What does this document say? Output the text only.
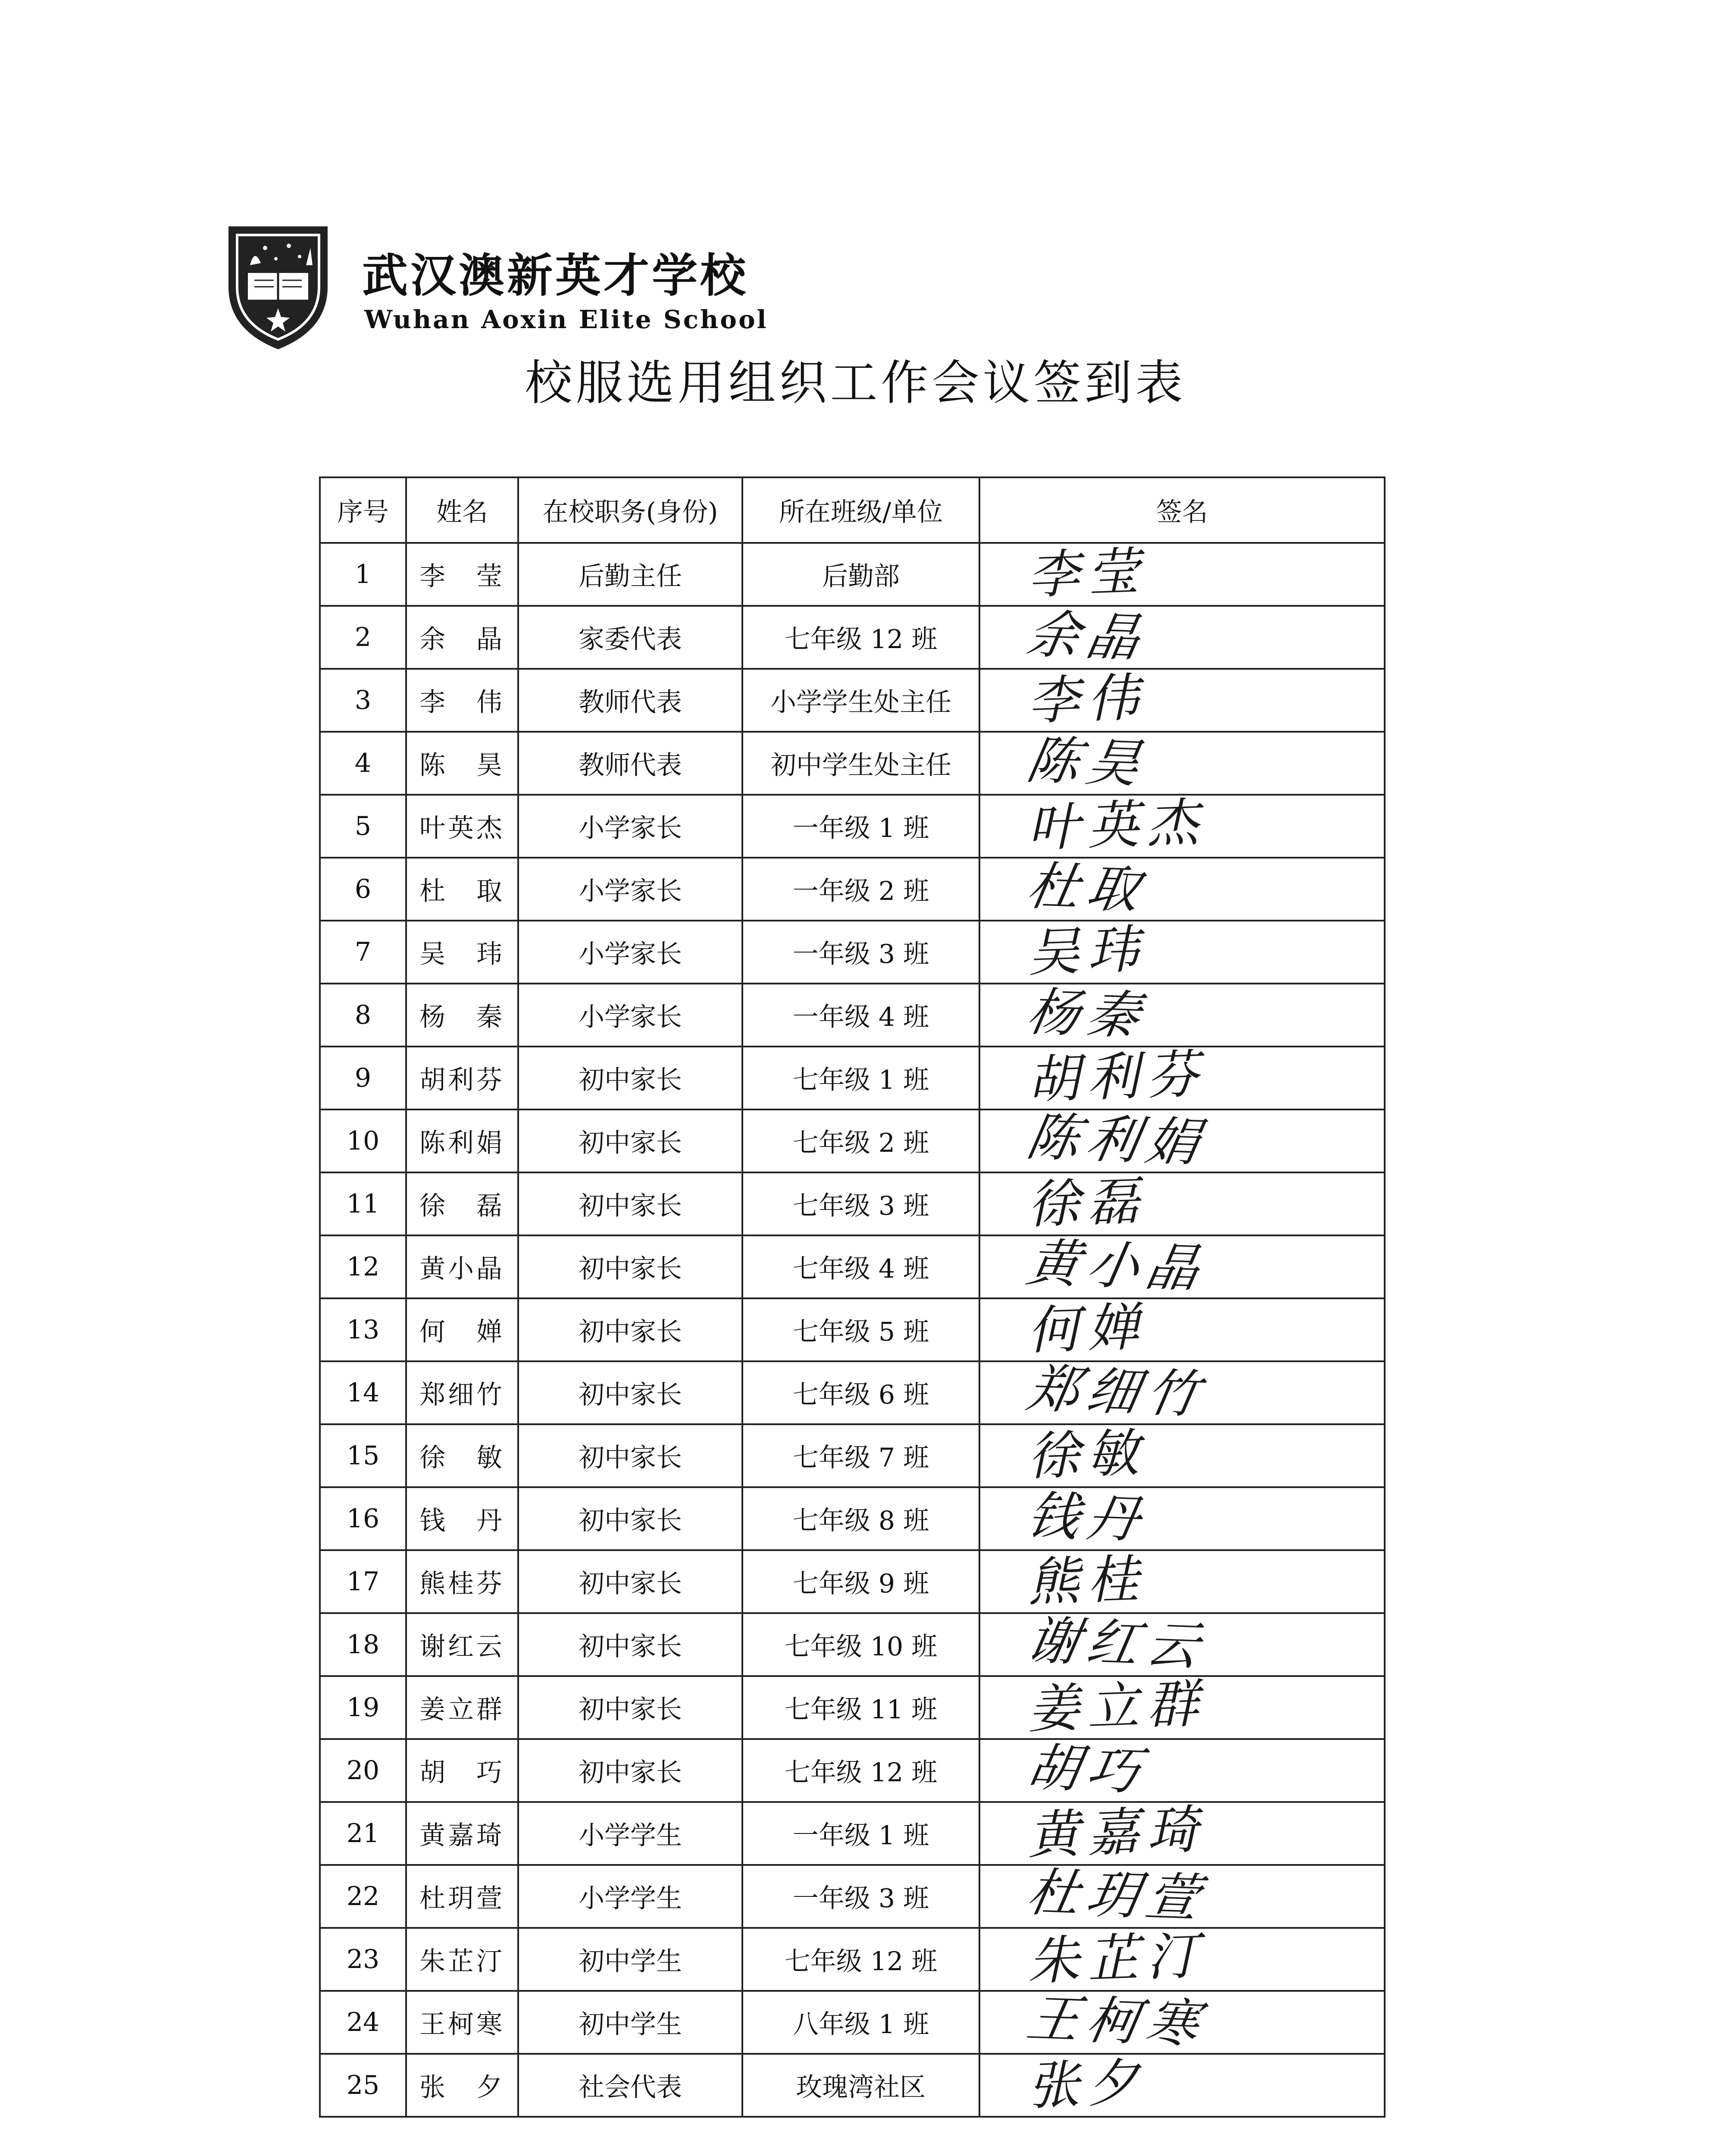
武汉澳新英才学校
Wuhan Aoxin Elite School
校服选用组织工作会议签到表
序号	姓名	在校职务(身份)	所在班级/单位	签名
1	李　莹	后勤主任	后勤部	李莹

2	余　晶	家委代表	七年级 12 班	余晶

3	李　伟	教师代表	小学学生处主任	李伟

4	陈　昊	教师代表	初中学生处主任	陈昊

5	叶英杰	小学家长	一年级 1 班	叶英杰

6	杜　取	小学家长	一年级 2 班	杜取

7	吴　玮	小学家长	一年级 3 班	吴玮

8	杨　秦	小学家长	一年级 4 班	杨秦

9	胡利芬	初中家长	七年级 1 班	胡利芬

10	陈利娟	初中家长	七年级 2 班	陈利娟

11	徐　磊	初中家长	七年级 3 班	徐磊

12	黄小晶	初中家长	七年级 4 班	黄小晶

13	何　婵	初中家长	七年级 5 班	何婵

14	郑细竹	初中家长	七年级 6 班	郑细竹

15	徐　敏	初中家长	七年级 7 班	徐敏

16	钱　丹	初中家长	七年级 8 班	钱丹

17	熊桂芬	初中家长	七年级 9 班	熊桂

18	谢红云	初中家长	七年级 10 班	谢红云

19	姜立群	初中家长	七年级 11 班	姜立群

20	胡　巧	初中家长	七年级 12 班	胡巧

21	黄嘉琦	小学学生	一年级 1 班	黄嘉琦

22	杜玥萱	小学学生	一年级 3 班	杜玥萱

23	朱芷汀	初中学生	七年级 12 班	朱芷汀

24	王柯寒	初中学生	八年级 1 班	王柯寒

25	张　夕	社会代表	玫瑰湾社区	张夕
